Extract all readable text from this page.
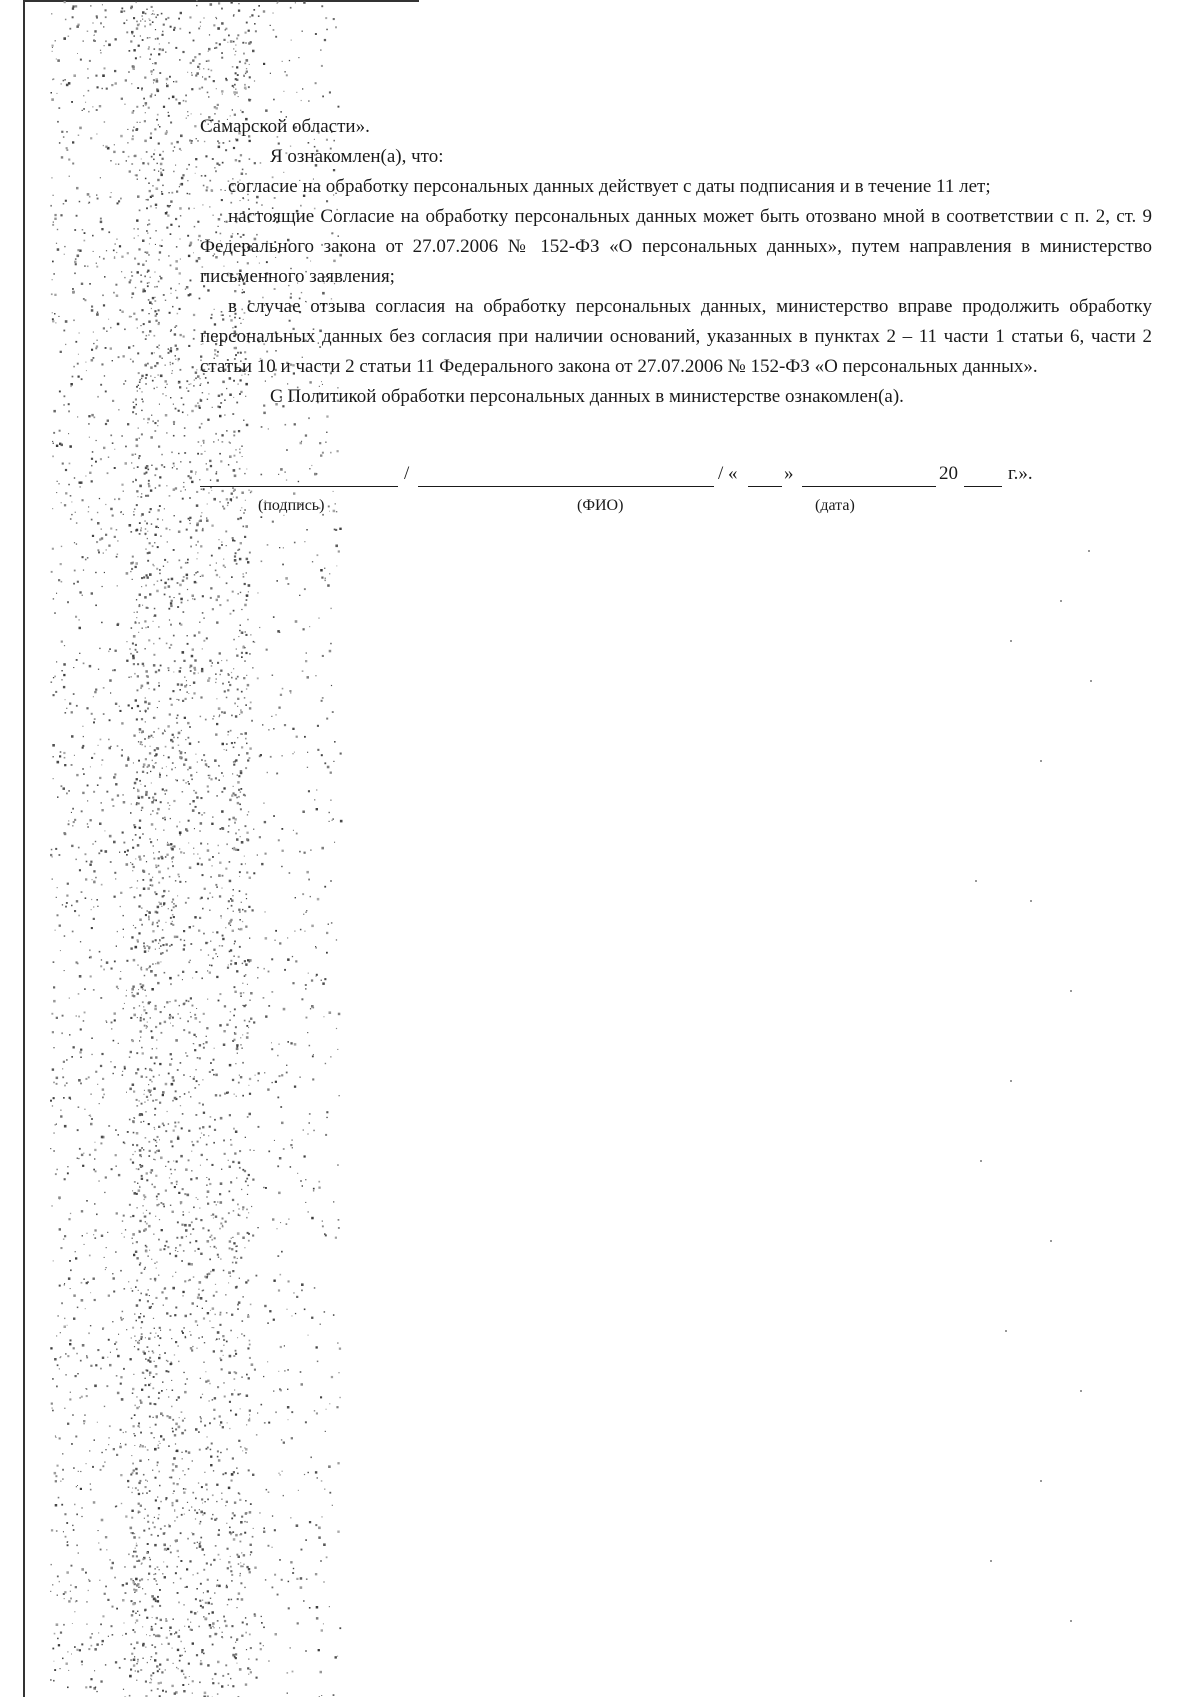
Самарской области».

Я ознакомлен(а), что:

согласие на обработку персональных данных действует с даты подписания и в течение 11 лет;

настоящие Согласие на обработку персональных данных может быть отозвано мной в соответствии с п. 2, ст. 9 Федерального закона от 27.07.2006 № 152-ФЗ «О персональных данных», путем направления в министерство письменного заявления;

в случае отзыва согласия на обработку персональных данных, министерство вправе продолжить обработку персональных данных без согласия при наличии оснований, указанных в пунктах 2 – 11 части 1 статьи 6, части 2 статьи 10 и части 2 статьи 11 Федерального закона от 27.07.2006 № 152-ФЗ «О персональных данных».

С Политикой обработки персональных данных в министерстве ознакомлен(а).

/	/ « »	20	г.».
(подпись)	(ФИО)	(дата)
